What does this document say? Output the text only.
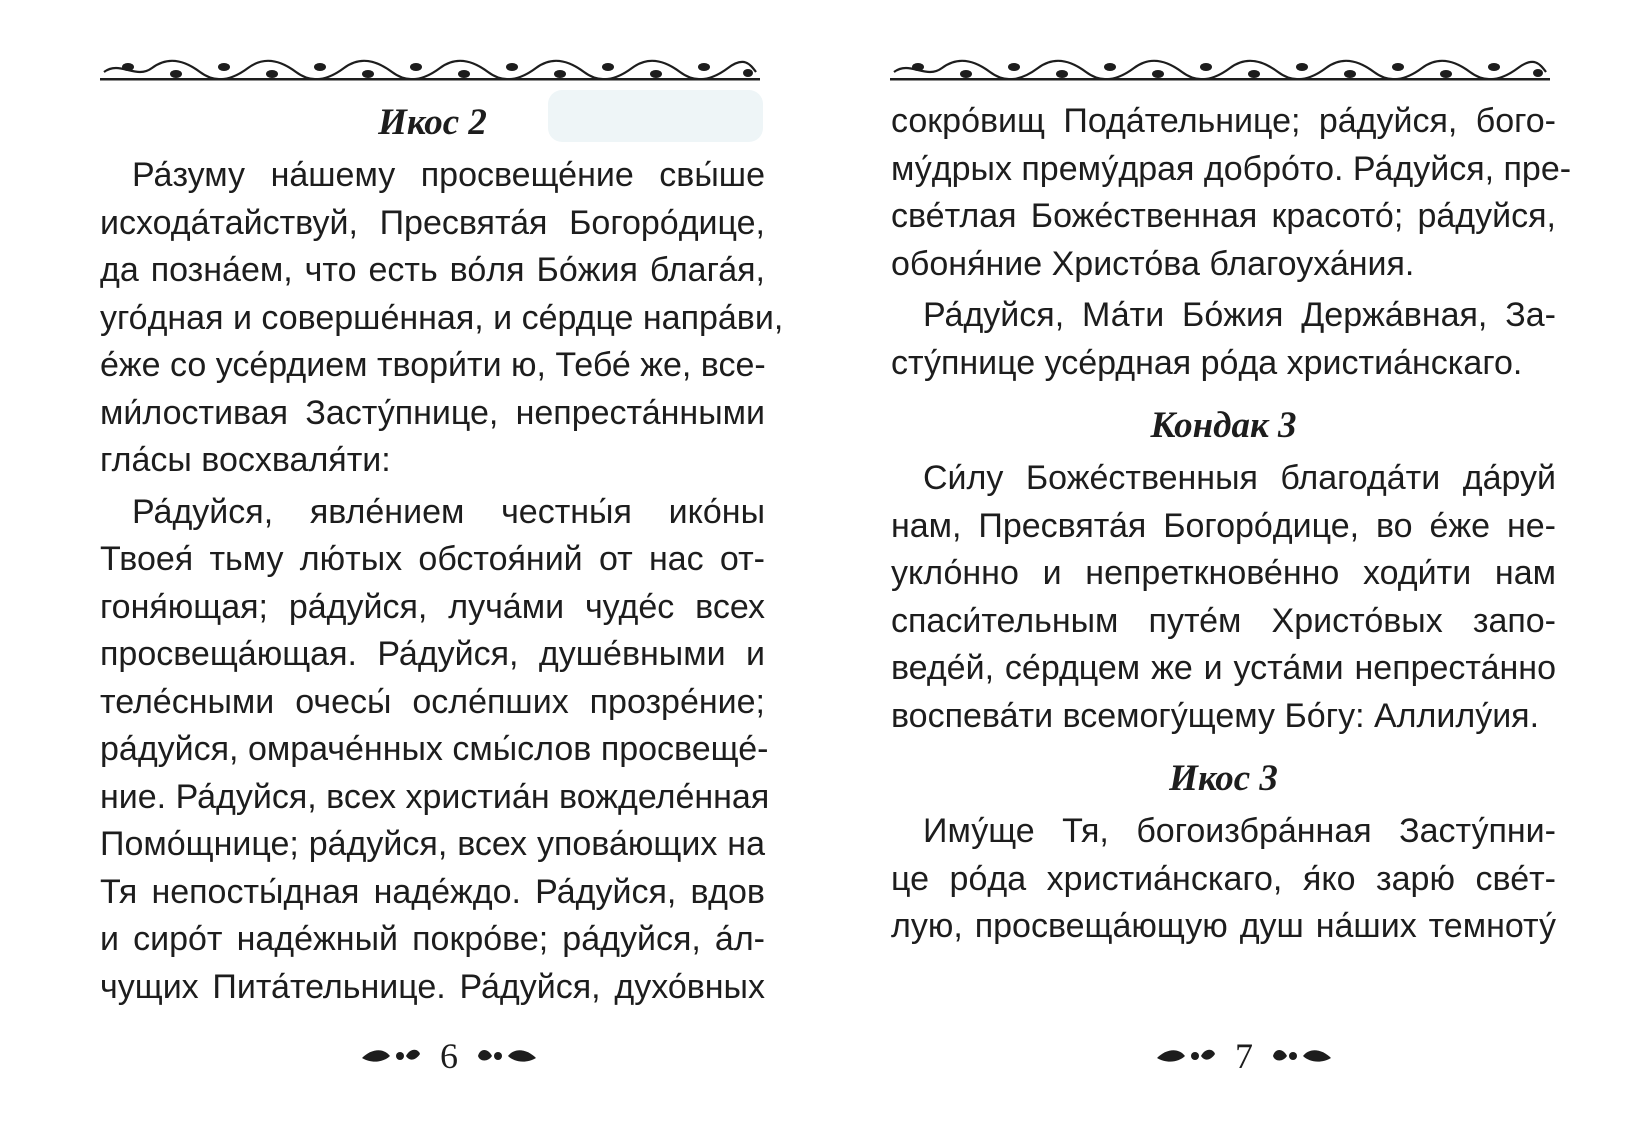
Икос 2
Ра́зуму на́шему просвеще́ние свы́ше
исхода́тайствуй, Пресвята́я Богоро́дице,
да позна́ем, что есть во́ля Бо́жия блага́я,
уго́дная и соверше́нная, и се́рдце напра́ви,
е́же со усе́рдием твори́ти ю, Тебе́ же, все-
ми́лостивая Засту́пнице, непреста́нными
гла́сы восхваля́ти:
Ра́дуйся, явле́нием честны́я ико́ны
Твоея́ тьму лю́тых обстоя́ний от нас от-
гоня́ющая; ра́дуйся, луча́ми чуде́с всех
просвеща́ющая. Ра́дуйся, душе́вными и
теле́сными очесы́ осле́пших прозре́ние;
ра́дуйся, омраче́нных смы́слов просвеще́-
ние. Ра́дуйся, всех христиа́н вожделе́нная
Помо́щнице; ра́дуйся, всех упова́ющих на
Тя непосты́дная наде́ждо. Ра́дуйся, вдов
и сиро́т наде́жный покро́ве; ра́дуйся, а́л-
чущих Пита́тельнице. Ра́дуйся, духо́вных
6
сокро́вищ Пода́тельнице; ра́дуйся, бого-
му́дрых прему́драя добро́то. Ра́дуйся, пре-
све́тлая Боже́ственная красото́; ра́дуйся,
обоня́ние Христо́ва благоуха́ния.
Ра́дуйся, Ма́ти Бо́жия Держа́вная, За-
сту́пнице усе́рдная ро́да христиа́нскаго.
Кондак 3
Си́лу Боже́ственныя благода́ти да́руй
нам, Пресвята́я Богоро́дице, во е́же не-
укло́нно и непреткнове́нно ходи́ти нам
спаси́тельным путе́м Христо́вых запо-
веде́й, се́рдцем же и уста́ми непреста́нно
воспева́ти всемогу́щему Бо́гу: Аллилу́ия.
Икос 3
Иму́ще Тя, богоизбра́нная Засту́пни-
це ро́да христиа́нскаго, я́ко зарю́ све́т-
лую, просвеща́ющую душ на́ших темноту́
7
